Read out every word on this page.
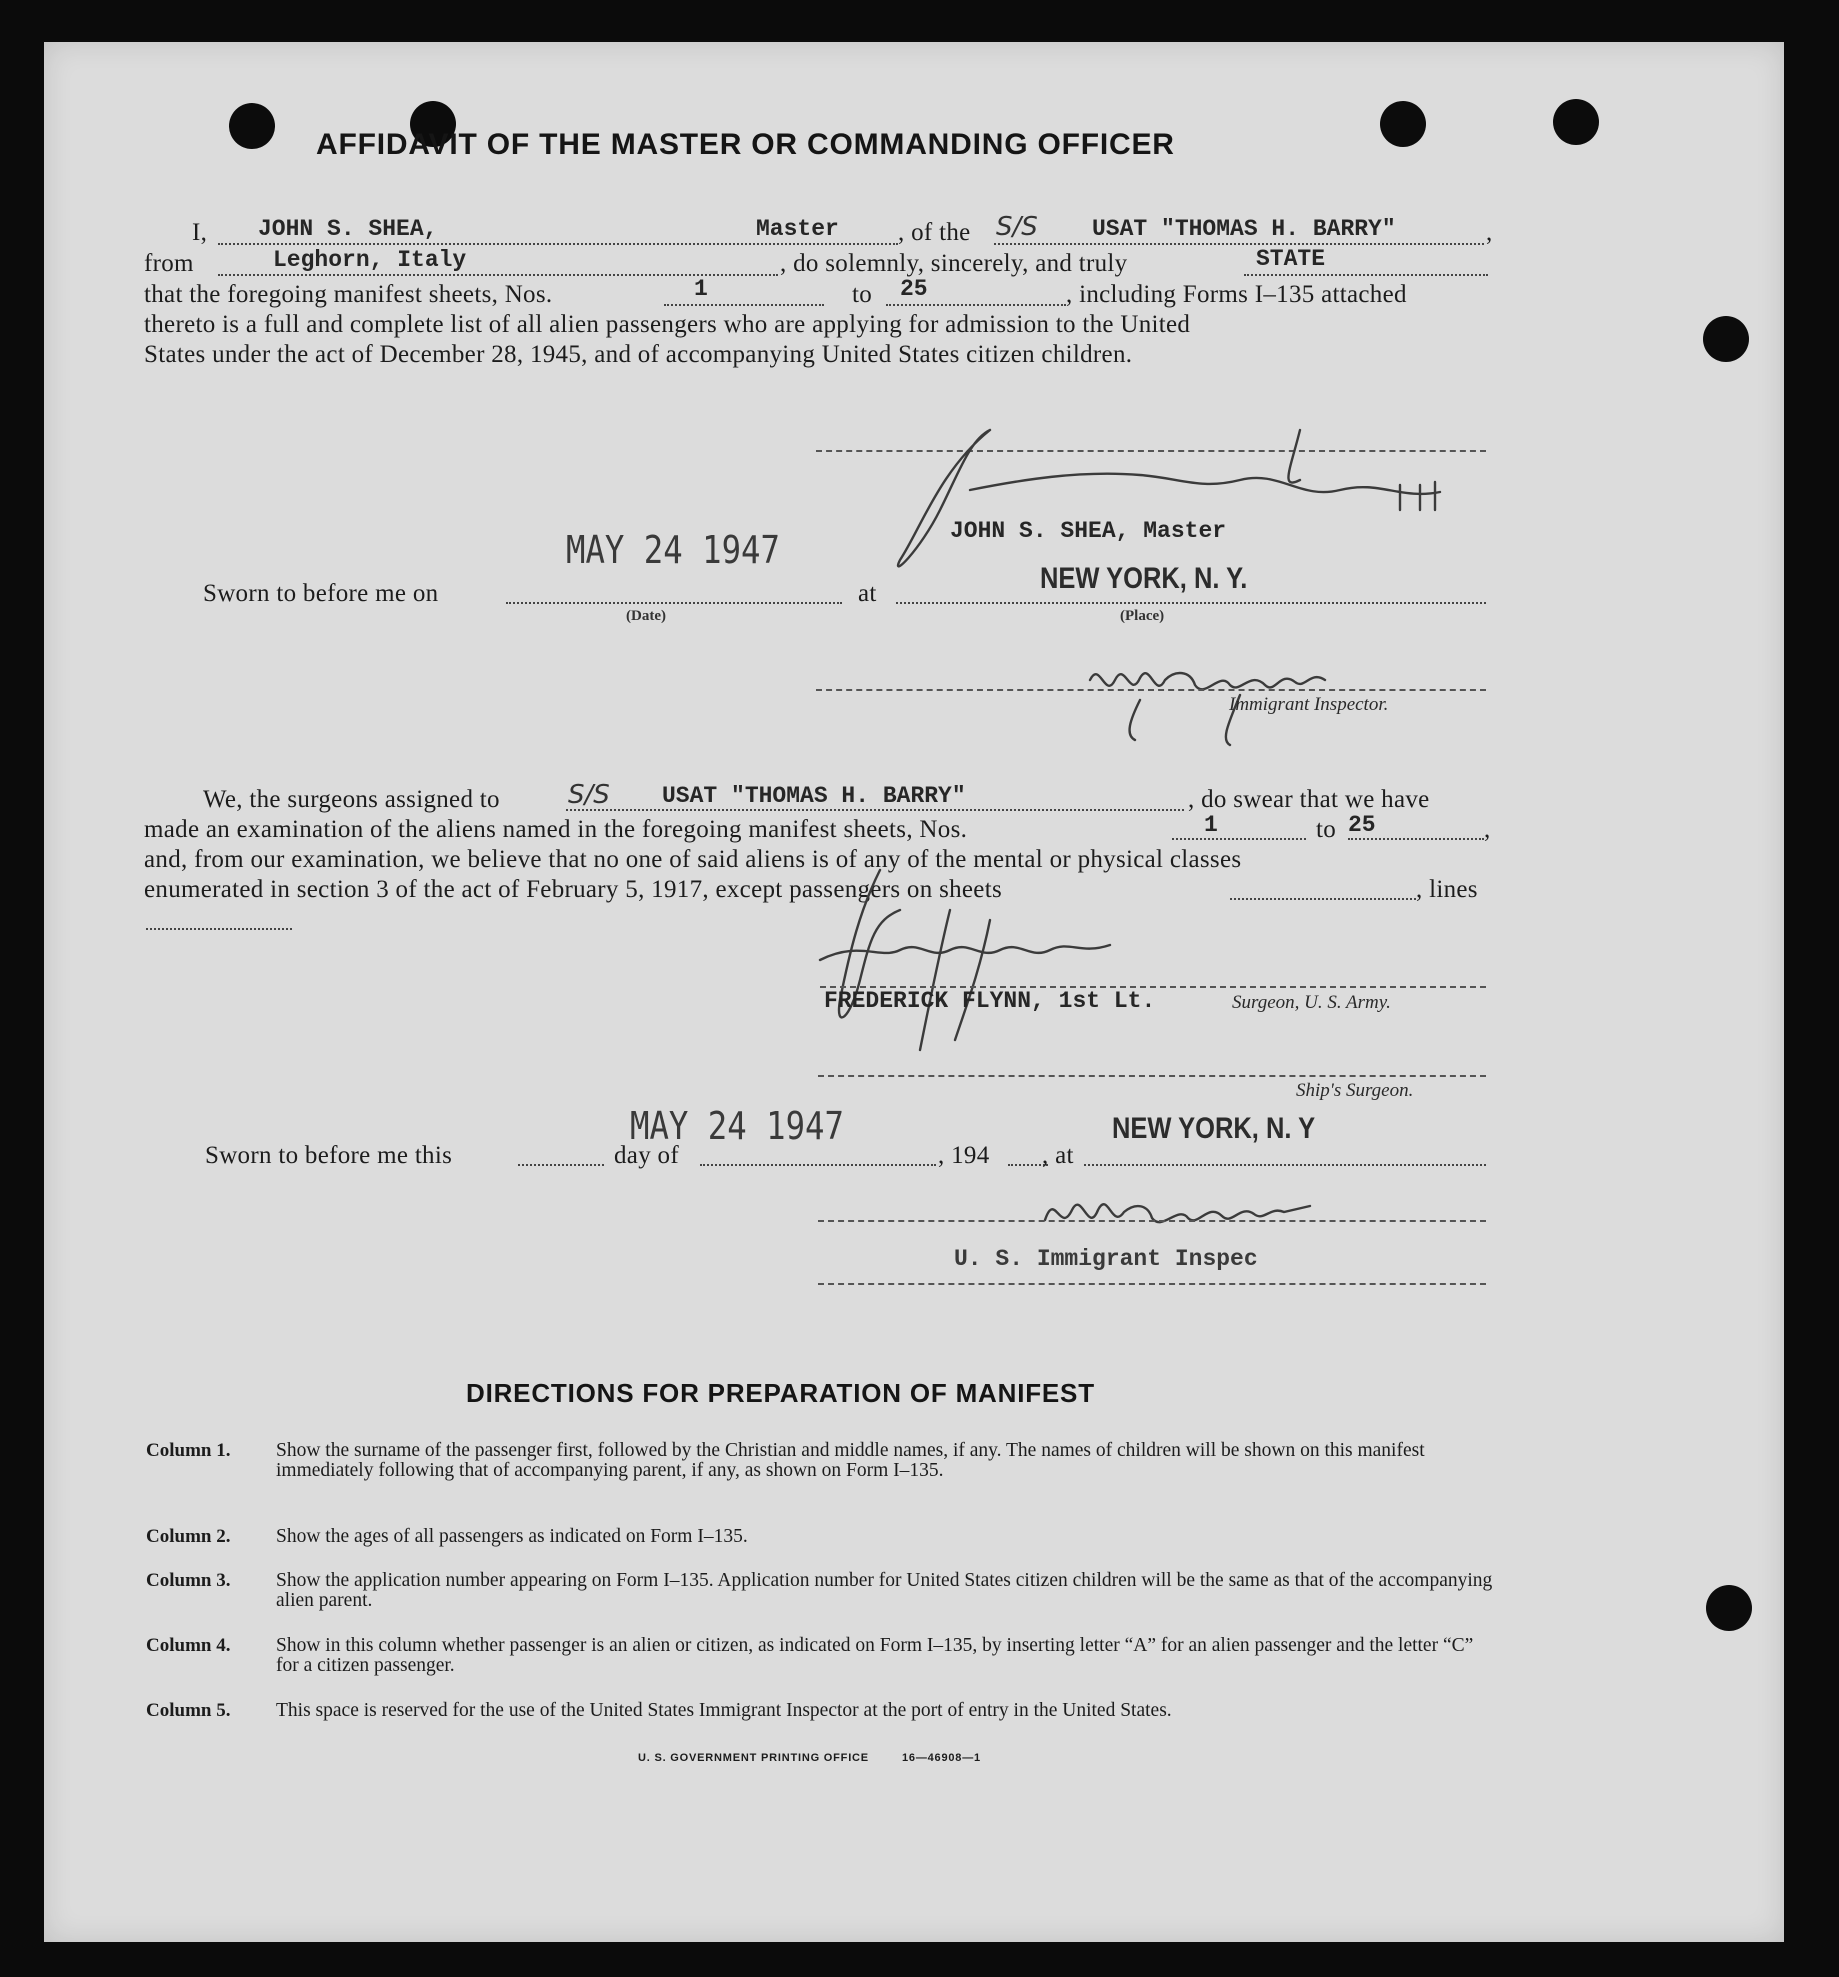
AFFIDAVIT OF THE MASTER OR COMMANDING OFFICER
I, JOHN S. SHEA,	Master , of the S/S USAT "THOMAS H. BARRY"	,
from	Leghorn, Italy	, do solemnly, sincerely, and truly	STATE
that the foregoing manifest sheets, Nos.	1	to 25	, including Forms I–135 attached
thereto is a full and complete list of all alien passengers who are applying for admission to the United
States under the act of December 28, 1945, and of accompanying United States citizen children.
JOHN S. SHEA, Master
Sworn to before me on
MAY 24 1947
(Date)
at	NEW YORK, N. Y.
(Place)
Immigrant Inspector.
We, the surgeons assigned to	S/S USAT "THOMAS H. BARRY"	, do swear that we have
made an examination of the aliens named in the foregoing manifest sheets, Nos.	1	to 25	,
and, from our examination, we believe that no one of said aliens is of any of the mental or physical classes
enumerated in section 3 of the act of February 5, 1917, except passengers on sheets	, lines
FREDERICK FLYNN, 1st Lt.	Surgeon, U. S. Army.
Ship's Surgeon.
Sworn to before me this	day of
MAY 24 1947
, 194 , at
NEW YORK, N. Y
U. S. Immigrant Inspec
DIRECTIONS FOR PREPARATION OF MANIFEST
Column 1. Show the surname of the passenger first, followed by the Christian and middle names, if any. The names of children will be shown on this manifest immediately following that of accompanying parent, if any, as shown on Form I–135.
Column 2. Show the ages of all passengers as indicated on Form I–135.
Column 3. Show the application number appearing on Form I–135. Application number for United States citizen children will be the same as that of the accompanying alien parent.
Column 4. Show in this column whether passenger is an alien or citizen, as indicated on Form I–135, by inserting letter “A” for an alien passenger and the letter “C” for a citizen passenger.
Column 5. This space is reserved for the use of the United States Immigrant Inspector at the port of entry in the United States.
U. S. GOVERNMENT PRINTING OFFICE	16—46908—1
